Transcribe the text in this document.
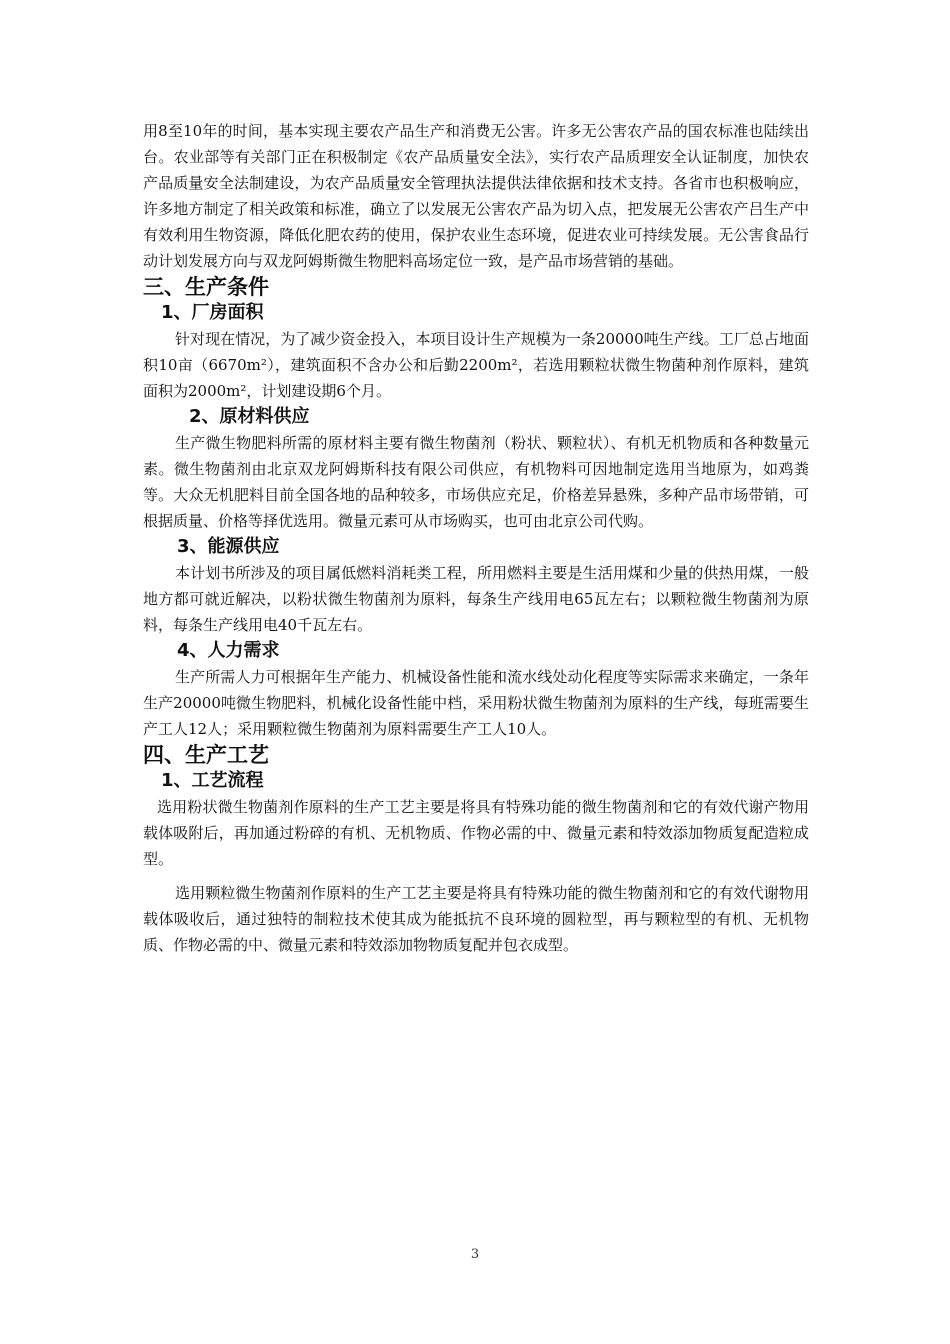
用8至10年的时间，基本实现主要农产品生产和消费无公害。许多无公害农产品的国农标准也陆续出台。农业部等有关部门正在积极制定《农产品质量安全法》，实行农产品质理安全认证制度，加快农产品质量安全法制建设，为农产品质量安全管理执法提供法律依据和技术支持。各省市也积极响应，许多地方制定了相关政策和标准，确立了以发展无公害农产品为切入点，把发展无公害农产吕生产中有效利用生物资源，降低化肥农药的使用，保护农业生态环境，促进农业可持续发展。无公害食品行动计划发展方向与双龙阿姆斯微生物肥料高场定位一致，是产品市场营销的基础。

三、生产条件
1、厂房面积

针对现在情况，为了减少资金投入，本项目设计生产规模为一条20000吨生产线。工厂总占地面积10亩（6670m²），建筑面积不含办公和后勤2200m²，若选用颗粒状微生物菌种剂作原料，建筑面积为2000m²，计划建设期6个月。

2、原材料供应

生产微生物肥料所需的原材料主要有微生物菌剂（粉状、颗粒状）、有机无机物质和各种数量元素。微生物菌剂由北京双龙阿姆斯科技有限公司供应，有机物料可因地制定选用当地原为，如鸡粪等。大众无机肥料目前全国各地的品种较多，市场供应充足，价格差异悬殊，多种产品市场带销，可根据质量、价格等择优选用。微量元素可从市场购买，也可由北京公司代购。

3、能源供应

本计划书所涉及的项目属低燃料消耗类工程，所用燃料主要是生活用煤和少量的供热用煤，一般地方都可就近解决，以粉状微生物菌剂为原料，每条生产线用电65瓦左右；以颗粒微生物菌剂为原料，每条生产线用电40千瓦左右。

4、人力需求

生产所需人力可根据年生产能力、机械设备性能和流水线处动化程度等实际需求来确定，一条年生产20000吨微生物肥料，机械化设备性能中档，采用粉状微生物菌剂为原料的生产线，每班需要生产工人12人；采用颗粒微生物菌剂为原料需要生产工人10人。

四、生产工艺
1、工艺流程

选用粉状微生物菌剂作原料的生产工艺主要是将具有特殊功能的微生物菌剂和它的有效代谢产物用载体吸附后，再加通过粉碎的有机、无机物质、作物必需的中、微量元素和特效添加物质复配造粒成型。

选用颗粒微生物菌剂作原料的生产工艺主要是将具有特殊功能的微生物菌剂和它的有效代谢物用载体吸收后，通过独特的制粒技术使其成为能抵抗不良环境的圆粒型，再与颗粒型的有机、无机物质、作物必需的中、微量元素和特效添加物物质复配并包衣成型。

3
